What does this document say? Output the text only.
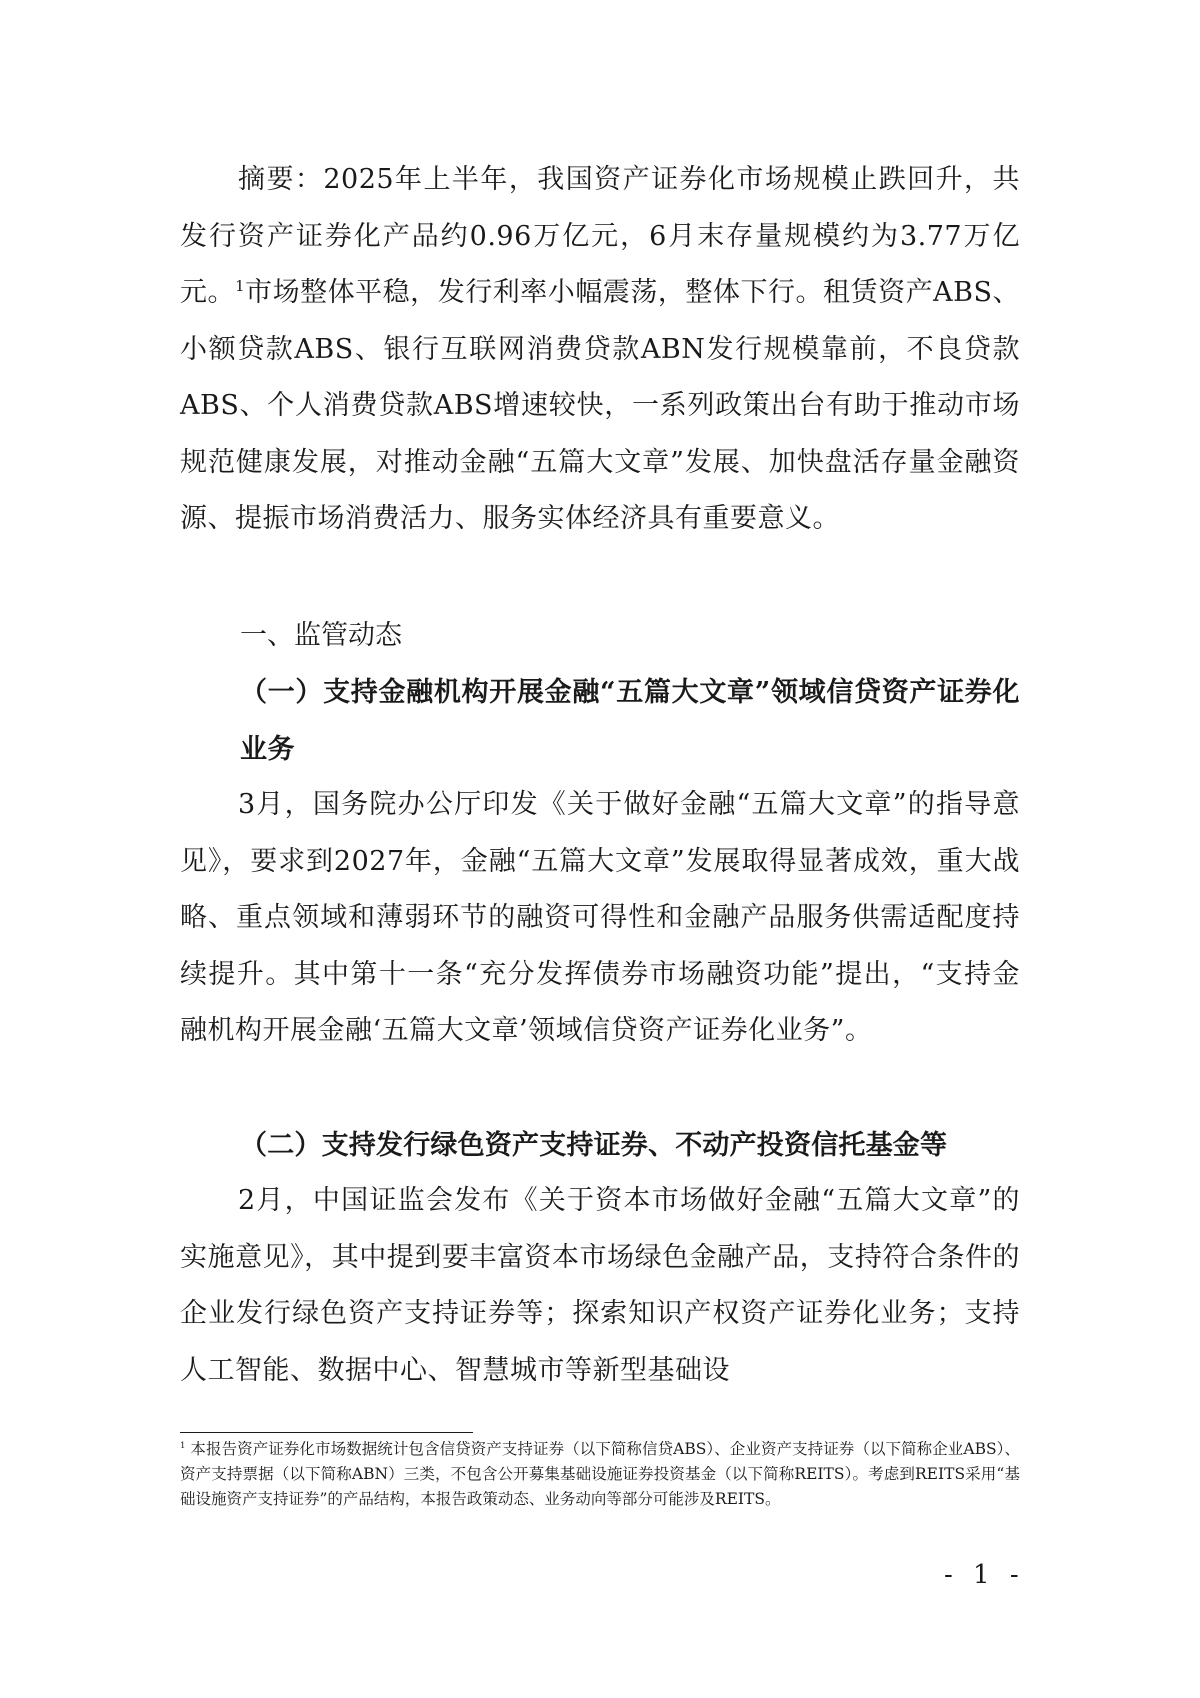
摘要：2025年上半年，我国资产证券化市场规模止跌回升，共发行资产证券化产品约0.96万亿元，6月末存量规模约为3.77万亿元。$^1$市场整体平稳，发行利率小幅震荡，整体下行。租赁资产ABS、小额贷款ABS、银行互联网消费贷款ABN发行规模靠前，不良贷款ABS、个人消费贷款ABS增速较快，一系列政策出台有助于推动市场规范健康发展，对推动金融“五篇大文章”发展、加快盘活存量金融资源、提振市场消费活力、服务实体经济具有重要意义。

一、监管动态
（一）支持金融机构开展金融“五篇大文章”领域信贷资产证券化业务

3月，国务院办公厅印发《关于做好金融“五篇大文章”的指导意见》，要求到2027年，金融“五篇大文章”发展取得显著成效，重大战略、重点领域和薄弱环节的融资可得性和金融产品服务供需适配度持续提升。其中第十一条“充分发挥债券市场融资功能”提出，“支持金融机构开展金融‘五篇大文章’领域信贷资产证券化业务”。

（二）支持发行绿色资产支持证券、不动产投资信托基金等

2月，中国证监会发布《关于资本市场做好金融“五篇大文章”的实施意见》，其中提到要丰富资本市场绿色金融产品，支持符合条件的企业发行绿色资产支持证券等；探索知识产权资产证券化业务；支持人工智能、数据中心、智慧城市等新型基础设

$^1$ 本报告资产证券化市场数据统计包含信贷资产支持证券（以下简称信贷ABS）、企业资产支持证券（以下简称企业ABS）、资产支持票据（以下简称ABN）三类，不包含公开募集基础设施证券投资基金（以下简称REITS）。考虑到REITS采用“基础设施资产支持证券”的产品结构，本报告政策动态、业务动向等部分可能涉及REITS。
- 1 -
